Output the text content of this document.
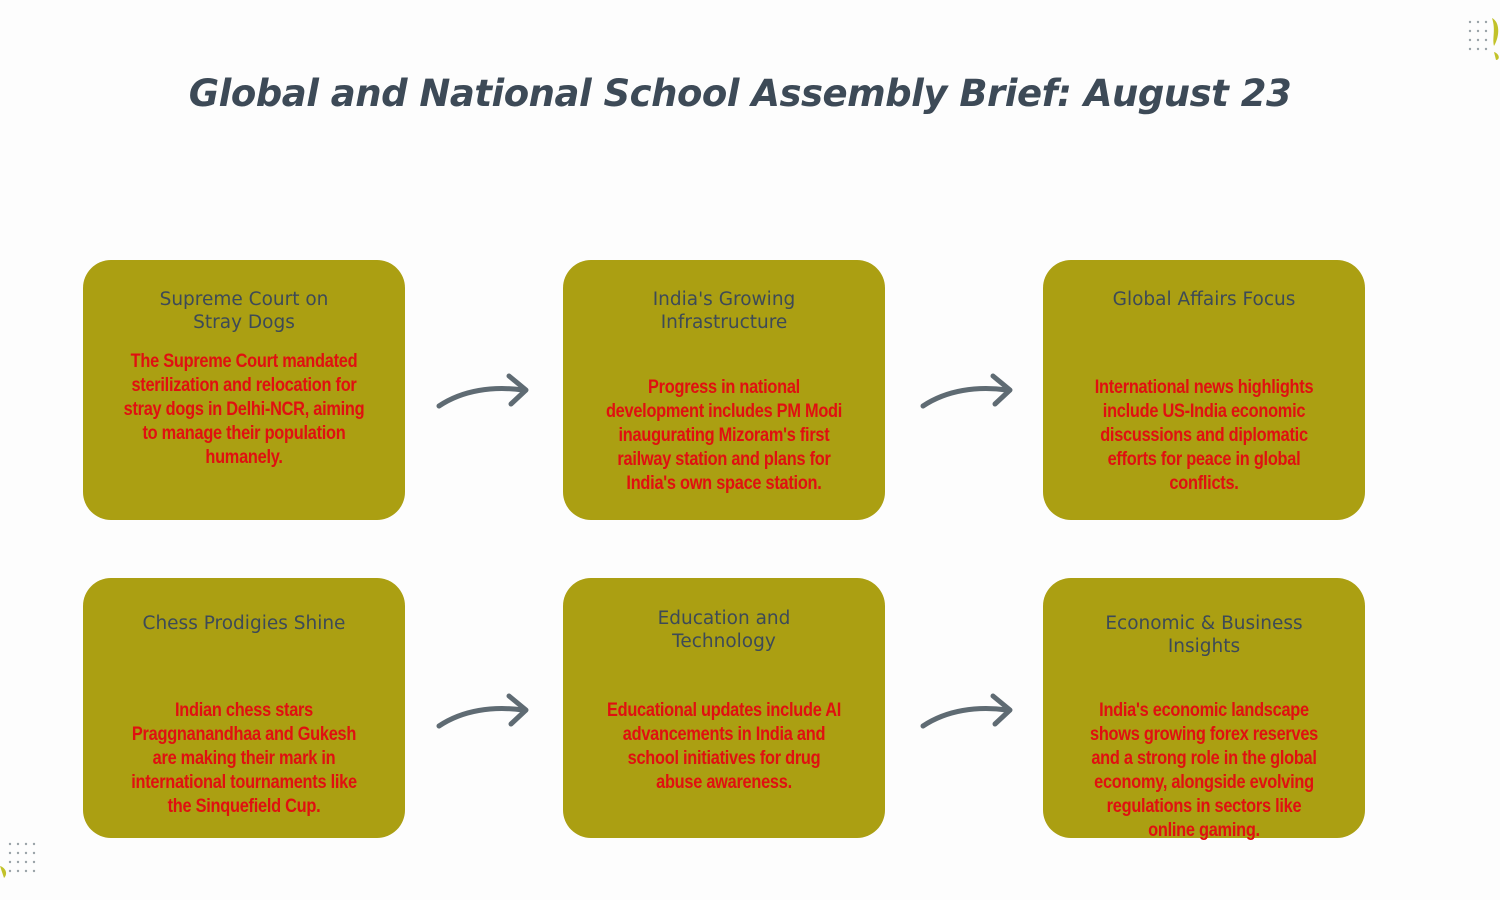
Global and National School Assembly Brief: August 23
Supreme Court on Stray Dogs
The Supreme Court mandated sterilization and relocation for stray dogs in Delhi-NCR, aiming to manage their population humanely.
India's Growing Infrastructure
Progress in national development includes PM Modi inaugurating Mizoram's first railway station and plans for India's own space station.
Global Affairs Focus
International news highlights include US-India economic discussions and diplomatic efforts for peace in global conflicts.
Chess Prodigies Shine
Indian chess stars Praggnanandhaa and Gukesh are making their mark in international tournaments like the Sinquefield Cup.
Education and Technology
Educational updates include AI advancements in India and school initiatives for drug abuse awareness.
Economic & Business Insights
India's economic landscape shows growing forex reserves and a strong role in the global economy, alongside evolving regulations in sectors like online gaming.
